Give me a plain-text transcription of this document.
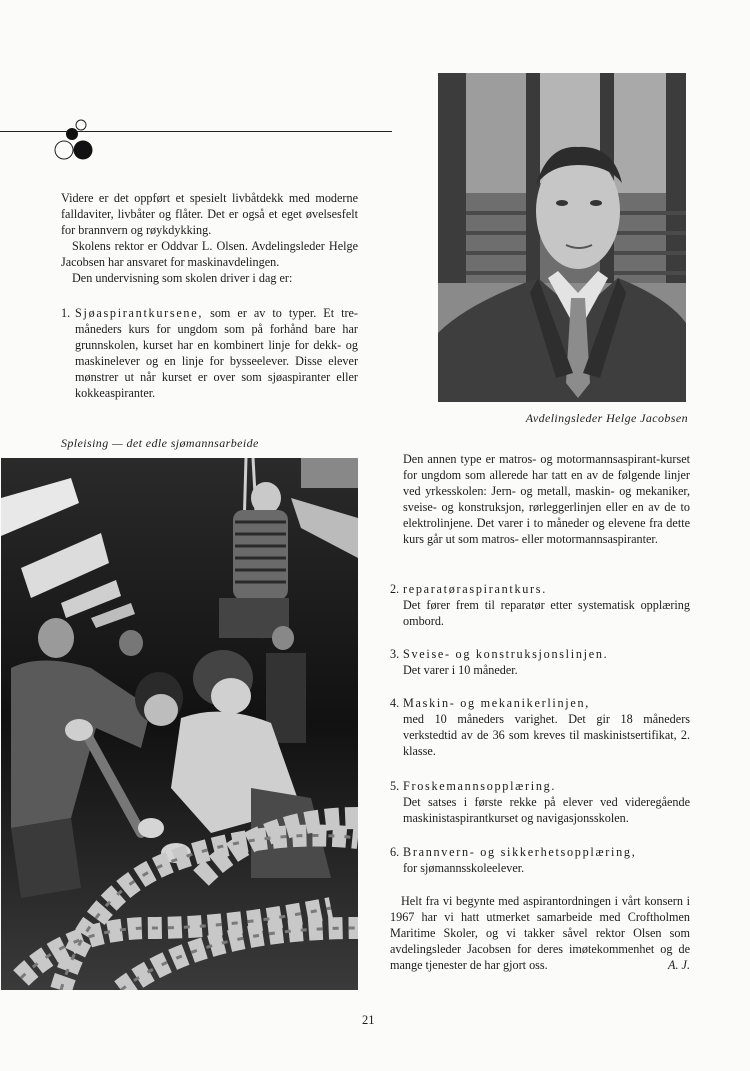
Videre er det oppført et spesielt livbåtdekk med moderne falldaviter, livbåter og flåter. Det er også et eget øvelsesfelt for brannvern og røykdykking.

Skolens rektor er Oddvar L. Olsen. Avdelingsleder Helge Jacobsen har ansvaret for maskinavdelingen.

Den undervisning som skolen driver i dag er:

1. Sjøaspirantkursene, som er av to typer. Et tre-måneders kurs for ungdom som på forhånd bare har grunnskolen, kurset har en kombinert linje for dekk- og maskinelever og en linje for bysseelever. Disse elever mønstrer ut når kurset er over som sjøaspiranter eller kokkeaspiranter.

Spleising — det edle sjømannsarbeide
Avdelingsleder Helge Jacobsen
Den annen type er matros- og motormannsaspirant-kurset for ungdom som allerede har tatt en av de følgende linjer ved yrkesskolen: Jern- og metall, maskin- og mekaniker, sveise- og konstruksjon, rørleggerlinjen eller en av de to elektrolinjene. Det varer i to måneder og elevene fra dette kurs går ut som matros- eller motormannsaspiranter.
2. reparatøraspirantkurs.
Det fører frem til reparatør etter systematisk opplæring ombord.
3. Sveise- og konstruksjonslinjen.
Det varer i 10 måneder.
4. Maskin- og mekanikerlinjen,
med 10 måneders varighet. Det gir 18 måneders verkstedtid av de 36 som kreves til maskinistsertifikat, 2. klasse.
5. Froskemannsopplæring.
Det satses i første rekke på elever ved videregående maskinistaspirantkurset og navigasjonsskolen.
6. Brannvern- og sikkerhetsopplæring,
for sjømannsskoleelever.

Helt fra vi begynte med aspirantordningen i vårt konsern i 1967 har vi hatt utmerket samarbeide med Croftholmen Maritime Skoler, og vi takker såvel rektor Olsen som avdelingsleder Jacobsen for deres imøtekommenhet og de mange tjenester de har gjort oss.	A. J.

21
